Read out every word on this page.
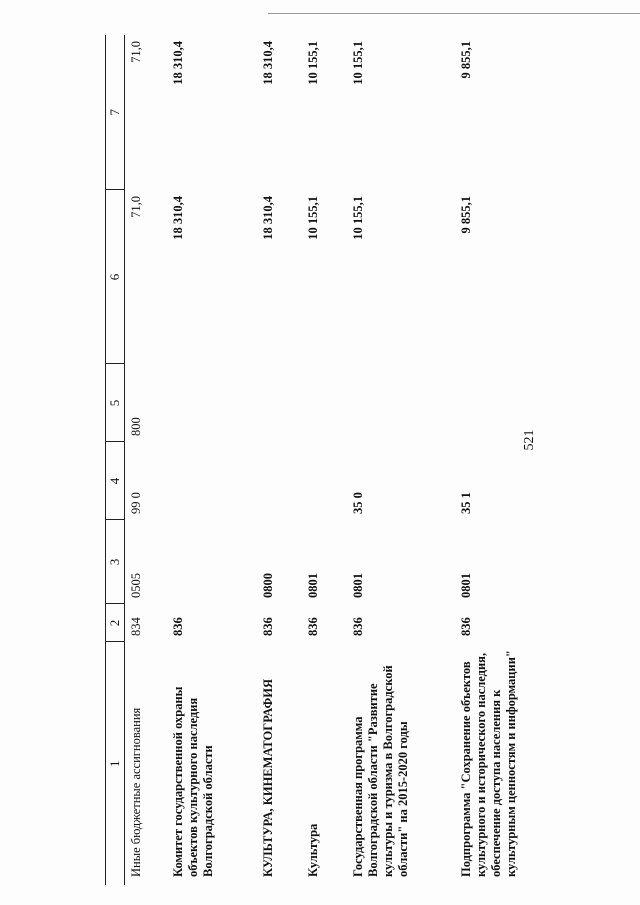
521
1	2	3	4	5	6	7
Иные бюджетные ассигнования	834	0505	99 0	800	71,0	71,0
Комитет государственной охраны объектов культурного наследия Волгоградской области	836				18 310,4	18 310,4
КУЛЬТУРА, КИНЕМАТОГРАФИЯ	836	0800			18 310,4	18 310,4
Культура	836	0801			10 155,1	10 155,1
Государственная программа Волгоградской области "Развитие культуры и туризма в Волгоградской области" на 2015-2020 годы	836	0801	35 0		10 155,1	10 155,1
Подпрограмма "Сохранение объектов культурного и исторического наследия, обеспечение доступа населения к культурным ценностям и информации"	836	0801	35 1		9 855,1	9 855,1
